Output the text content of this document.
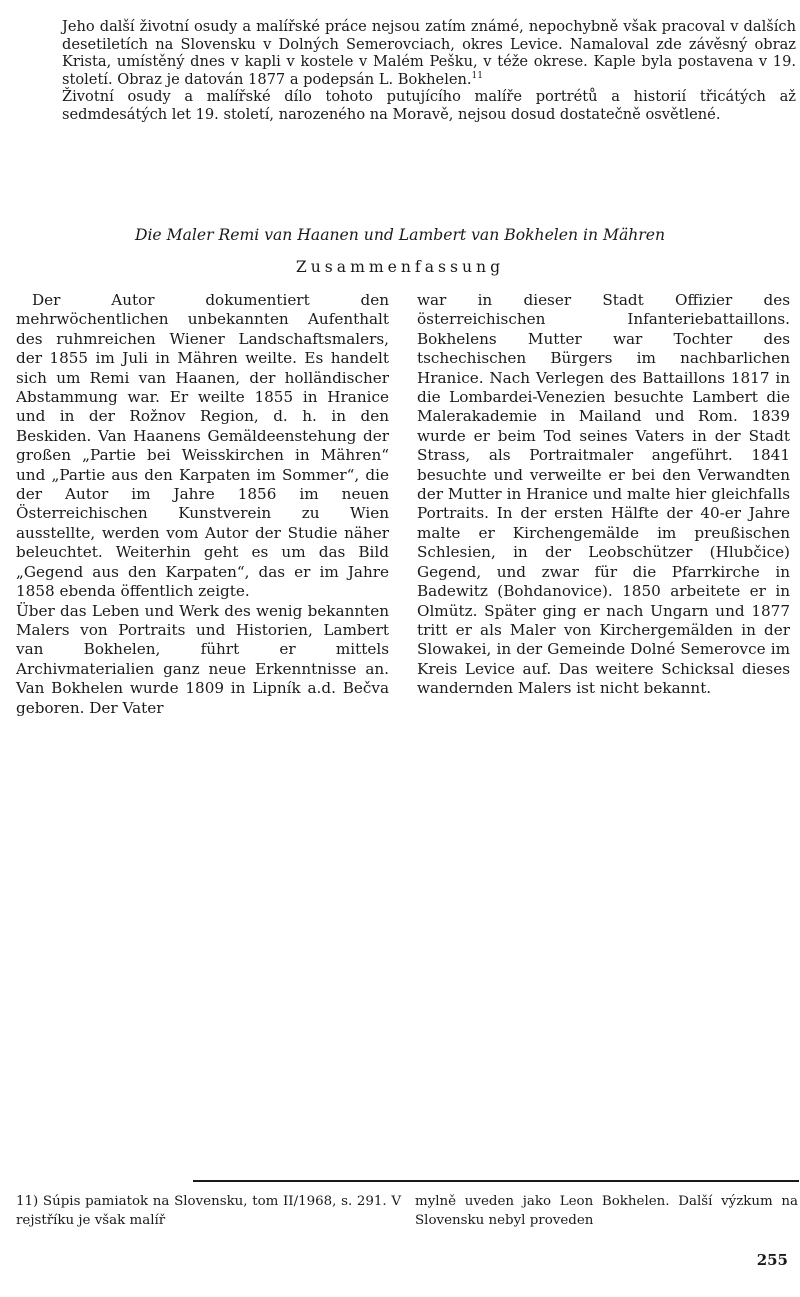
Jeho další životní osudy a malířské práce nejsou zatím známé, nepochybně však pracoval v dalších desetiletích na Slovensku v Dolných Semerovciach, okres Levice. Namaloval zde závěsný obraz Krista, umístěný dnes v kapli v kostele v Malém Pešku, v téže okrese. Kaple byla postavena v 19. století. Obraz je datován 1877 a podepsán L. Bokhelen.$^{11}$

Životní osudy a malířské dílo tohoto putujícího malíře portrétů a historií třicátých až sedmdesátých let 19. století, narozeného na Moravě, nejsou dosud dostatečně osvětlené.

Die Maler Remi van Haanen und Lambert van Bokhelen in Mähren
Zusammenfassung

Der Autor dokumentiert den mehrwöchentlichen unbekannten Aufenthalt des ruhmreichen Wiener Landschaftsmalers, der 1855 im Juli in Mähren weilte. Es handelt sich um Remi van Haanen, der holländischer Abstammung war. Er weilte 1855 in Hranice und in der Rožnov Region, d. h. in den Beskiden. Van Haanens Gemäldeenstehung der großen „Partie bei Weisskirchen in Mähren“ und „Partie aus den Karpaten im Sommer“, die der Autor im Jahre 1856 im neuen Österreichischen Kunstverein zu Wien ausstellte, werden vom Autor der Studie näher beleuchtet. Weiterhin geht es um das Bild „Gegend aus den Karpaten“, das er im Jahre 1858 ebenda öffentlich zeigte.

Über das Leben und Werk des wenig bekannten Malers von Portraits und Historien, Lambert van Bokhelen, führt er mittels Archivmaterialien ganz neue Erkenntnisse an. Van Bokhelen wurde 1809 in Lipník a.d. Bečva geboren. Der Vater

war in dieser Stadt Offizier des österreichischen Infanteriebattaillons. Bokhelens Mutter war Tochter des tschechischen Bürgers im nachbarlichen Hranice. Nach Verlegen des Battaillons 1817 in die Lombardei-Venezien besuchte Lambert die Malerakademie in Mailand und Rom. 1839 wurde er beim Tod seines Vaters in der Stadt Strass, als Portraitmaler angeführt. 1841 besuchte und verweilte er bei den Verwandten der Mutter in Hranice und malte hier gleichfalls Portraits. In der ersten Hälfte der 40-er Jahre malte er Kirchengemälde im preußischen Schlesien, in der Leobschützer (Hlubčice) Gegend, und zwar für die Pfarrkirche in Badewitz (Bohdanovice). 1850 arbeitete er in Olmütz. Später ging er nach Ungarn und 1877 tritt er als Maler von Kirchergemälden in der Slowakei, in der Gemeinde Dolné Semerovce im Kreis Levice auf. Das weitere Schicksal dieses wandernden Malers ist nicht bekannt.

11) Súpis pamiatok na Slovensku, tom II/1968, s. 291. V rejstříku je však malíř
mylně uveden jako Leon Bokhelen. Další výzkum na Slovensku nebyl proveden
255
